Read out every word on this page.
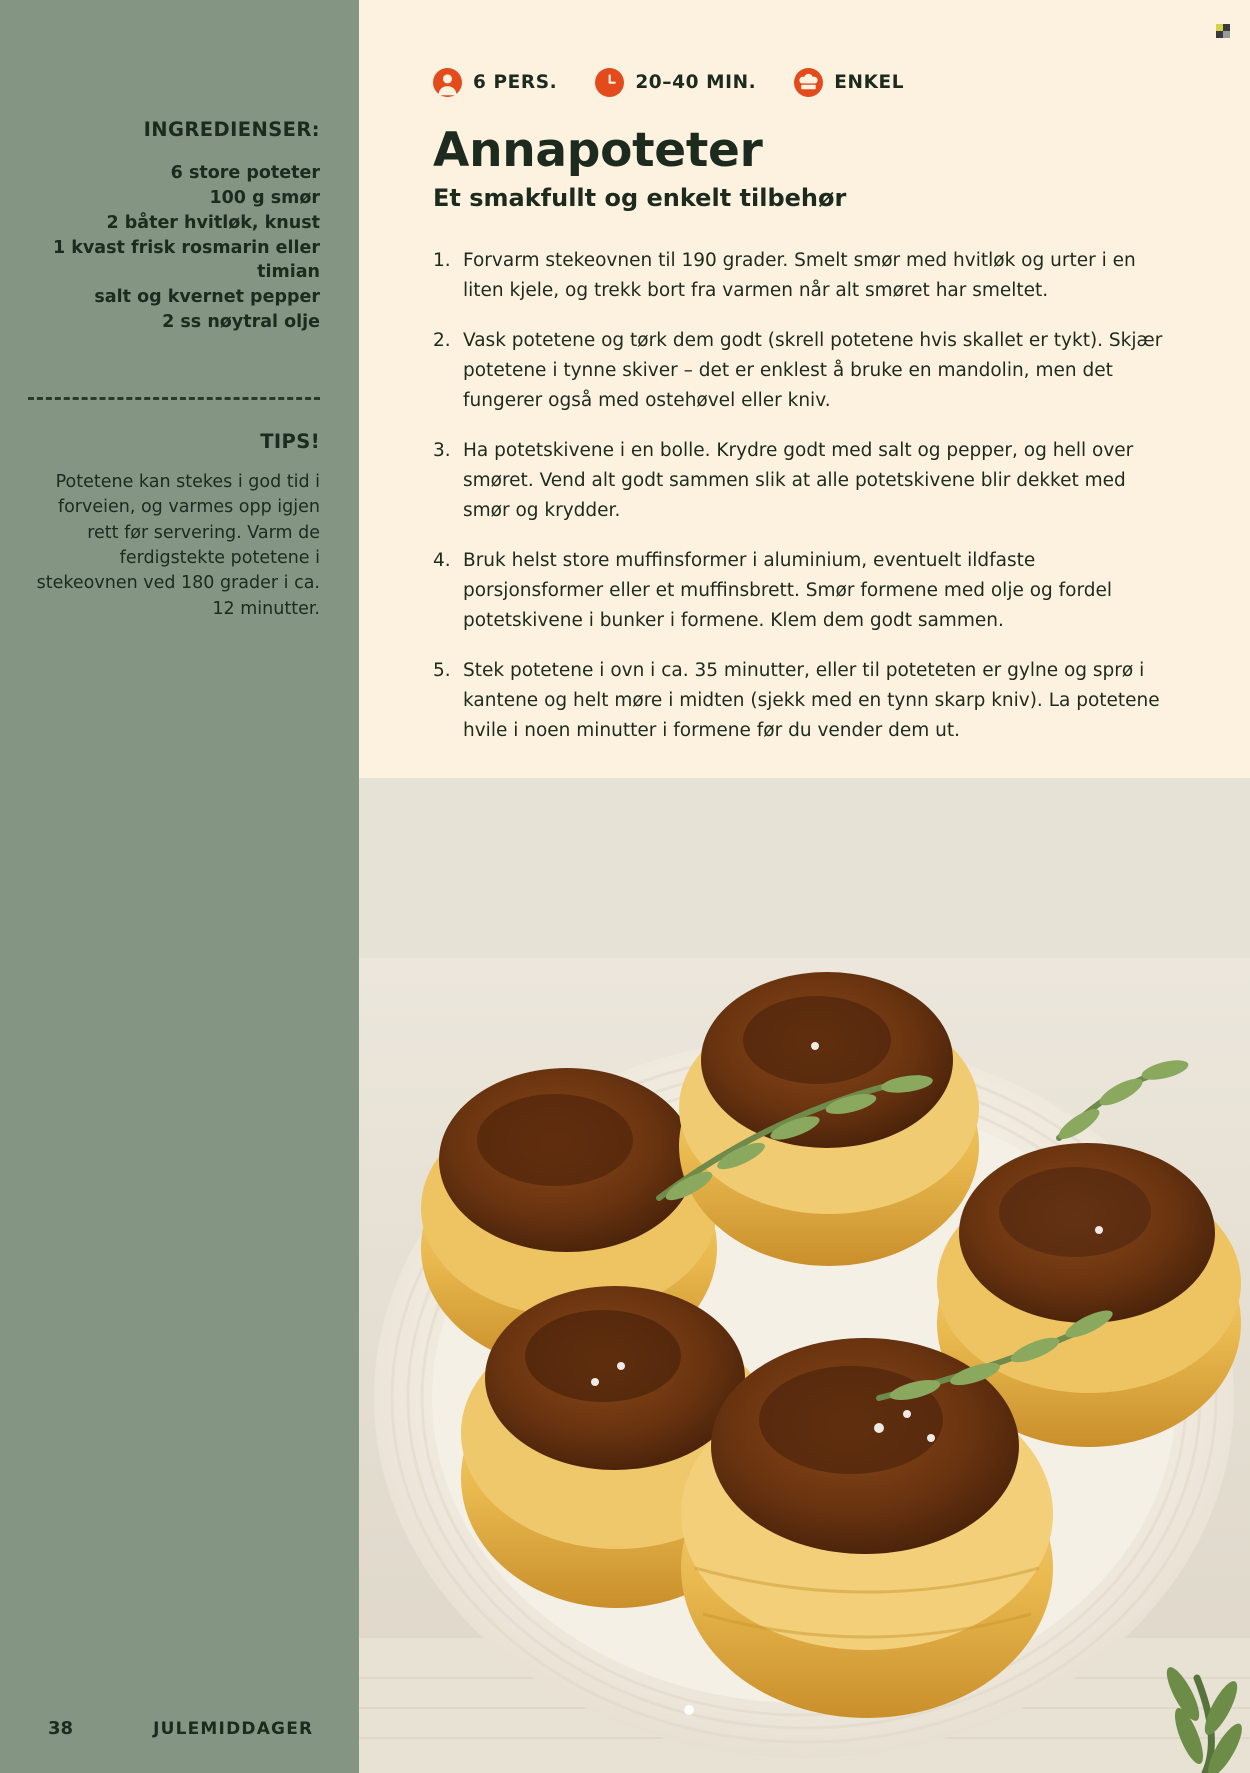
INGREDIENSER:
6 store poteter
100 g smør
2 båter hvitløk, knust
1 kvast frisk rosmarin eller timian
salt og kvernet pepper
2 ss nøytral olje
TIPS!
Potetene kan stekes i god tid i forveien, og varmes opp igjen rett før servering. Varm de ferdigstekte potetene i stekeovnen ved 180 grader i ca. 12 minutter.
38	JULEMIDDAGER
6 PERS.	20–40 MIN.	ENKEL
Annapoteter
Et smakfullt og enkelt tilbehør
1. Forvarm stekeovnen til 190 grader. Smelt smør med hvitløk og urter i en liten kjele, og trekk bort fra varmen når alt smøret har smeltet.
2. Vask potetene og tørk dem godt (skrell potetene hvis skallet er tykt). Skjær potetene i tynne skiver – det er enklest å bruke en mandolin, men det fungerer også med ostehøvel eller kniv.
3. Ha potetskivene i en bolle. Krydre godt med salt og pepper, og hell over smøret. Vend alt godt sammen slik at alle potetskivene blir dekket med smør og krydder.
4. Bruk helst store muffinsformer i aluminium, eventuelt ildfaste porsjonsformer eller et muffinsbrett. Smør formene med olje og fordel potetskivene i bunker i formene. Klem dem godt sammen.
5. Stek potetene i ovn i ca. 35 minutter, eller til poteteten er gylne og sprø i kantene og helt møre i midten (sjekk med en tynn skarp kniv). La potetene hvile i noen minutter i formene før du vender dem ut.
